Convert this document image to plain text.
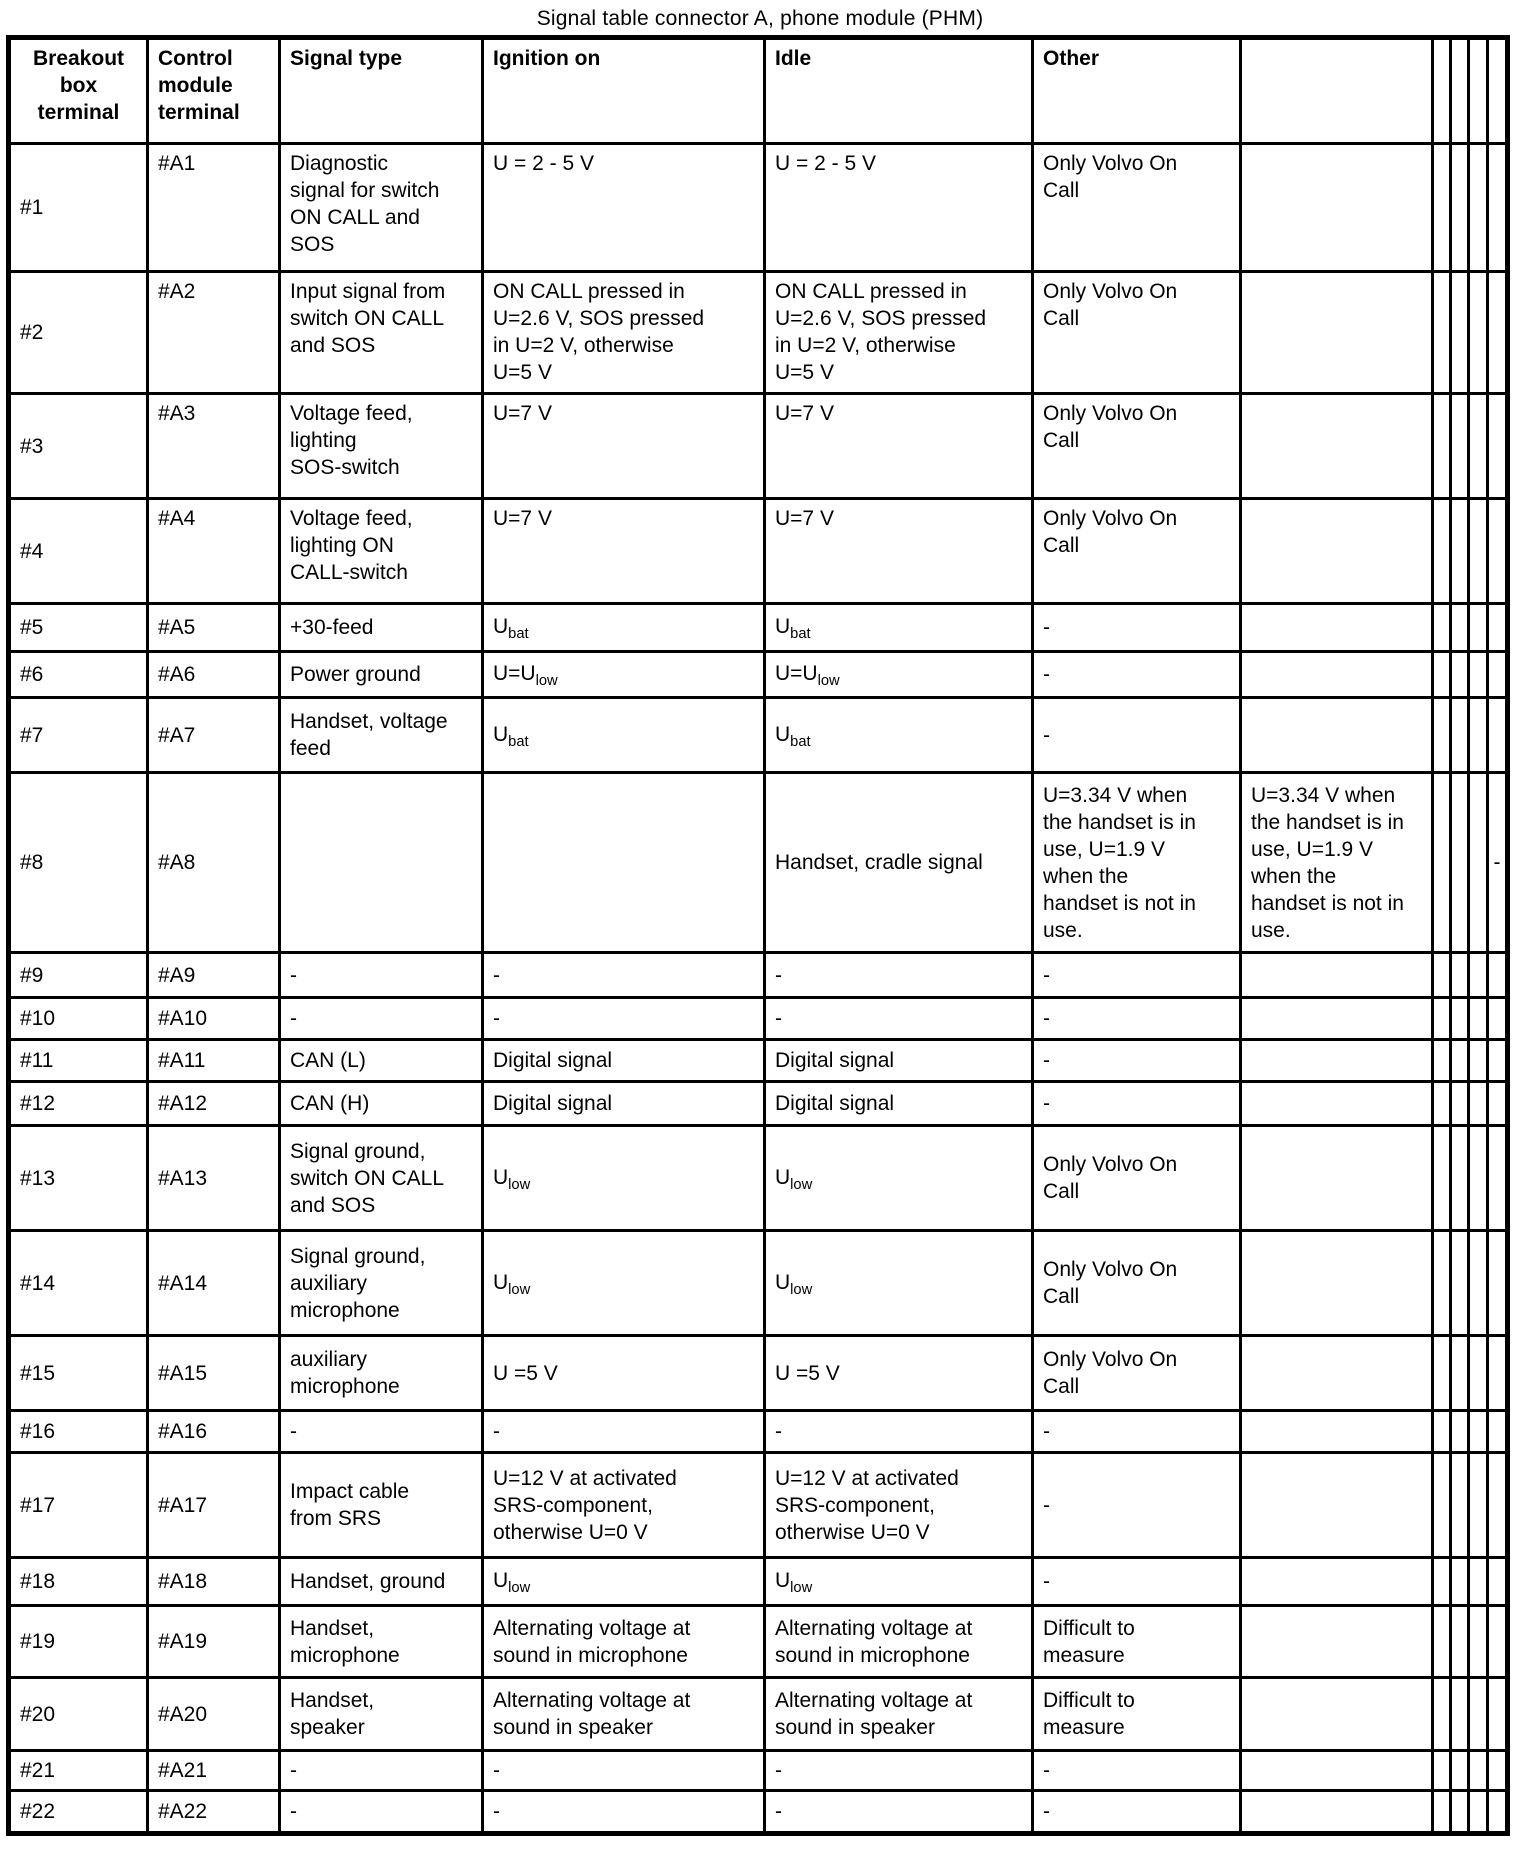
Signal table connector A, phone module (PHM)
Breakout
box
terminal	Control
module
terminal	Signal type	Ignition on	Idle	Other					
#1	#A1	Diagnostic
signal for switch
ON CALL and
SOS	U = 2 - 5 V	U = 2 - 5 V	Only Volvo On
Call					
#2	#A2	Input signal from
switch ON CALL
and SOS	ON CALL pressed in
U=2.6 V, SOS pressed
in U=2 V, otherwise
U=5 V	ON CALL pressed in
U=2.6 V, SOS pressed
in U=2 V, otherwise
U=5 V	Only Volvo On
Call					
#3	#A3	Voltage feed,
lighting
SOS-switch	U=7 V	U=7 V	Only Volvo On
Call					
#4	#A4	Voltage feed,
lighting ON
CALL-switch	U=7 V	U=7 V	Only Volvo On
Call					
#5	#A5	+30-feed	$U_{bat}$	$U_{bat}$	-					
#6	#A6	Power ground	$U=U_{low}$	$U=U_{low}$	-					
#7	#A7	Handset, voltage
feed	$U_{bat}$	$U_{bat}$	-					
#8	#A8			Handset, cradle signal	U=3.34 V when
the handset is in
use, U=1.9 V
when the
handset is not in
use.	U=3.34 V when
the handset is in
use, U=1.9 V
when the
handset is not in
use.				-
#9	#A9	-	-	-	-					
#10	#A10	-	-	-	-					
#11	#A11	CAN (L)	Digital signal	Digital signal	-					
#12	#A12	CAN (H)	Digital signal	Digital signal	-					
#13	#A13	Signal ground,
switch ON CALL
and SOS	$U_{low}$	$U_{low}$	Only Volvo On
Call					
#14	#A14	Signal ground,
auxiliary
microphone	$U_{low}$	$U_{low}$	Only Volvo On
Call					
#15	#A15	auxiliary
microphone	U =5 V	U =5 V	Only Volvo On
Call					
#16	#A16	-	-	-	-					
#17	#A17	Impact cable
from SRS	U=12 V at activated
SRS-component,
otherwise U=0 V	U=12 V at activated
SRS-component,
otherwise U=0 V	-					
#18	#A18	Handset, ground	$U_{low}$	$U_{low}$	-					
#19	#A19	Handset,
microphone	Alternating voltage at
sound in microphone	Alternating voltage at
sound in microphone	Difficult to
measure					
#20	#A20	Handset,
speaker	Alternating voltage at
sound in speaker	Alternating voltage at
sound in speaker	Difficult to
measure					
#21	#A21	-	-	-	-					
#22	#A22	-	-	-	-					
